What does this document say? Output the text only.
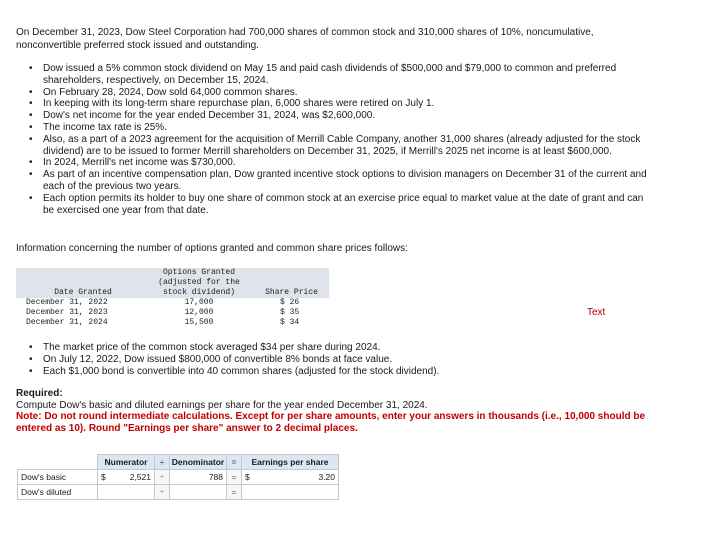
On December 31, 2023, Dow Steel Corporation had 700,000 shares of common stock and 310,000 shares of 10%, noncumulative, nonconvertible preferred stock issued and outstanding.

• Dow issued a 5% common stock dividend on May 15 and paid cash dividends of $500,000 and $79,000 to common and preferred shareholders, respectively, on December 15, 2024.
• On February 28, 2024, Dow sold 64,000 common shares.
• In keeping with its long-term share repurchase plan, 6,000 shares were retired on July 1.
• Dow's net income for the year ended December 31, 2024, was $2,600,000.
• The income tax rate is 25%.
• Also, as a part of a 2023 agreement for the acquisition of Merrill Cable Company, another 31,000 shares (already adjusted for the stock dividend) are to be issued to former Merrill shareholders on December 31, 2025, if Merrill's 2025 net income is at least $600,000.
• In 2024, Merrill's net income was $730,000.
• As part of an incentive compensation plan, Dow granted incentive stock options to division managers on December 31 of the current and each of the previous two years.
• Each option permits its holder to buy one share of common stock at an exercise price equal to market value at the date of grant and can be exercised one year from that date.

Information concerning the number of options granted and common share prices follows:

Date Granted	Options Granted
(adjusted for the
stock dividend)	Share Price
December 31, 2022	17,000	$ 26
December 31, 2023	12,000	$ 35
December 31, 2024	15,500	$ 34
Text
• The market price of the common stock averaged $34 per share during 2024.
• On July 12, 2022, Dow issued $800,000 of convertible 8% bonds at face value.
• Each $1,000 bond is convertible into 40 common shares (adjusted for the stock dividend).
Required:
Compute Dow's basic and diluted earnings per share for the year ended December 31, 2024.
Note: Do not round intermediate calculations. Except for per share amounts, enter your answers in thousands (i.e., 10,000 should be entered as 10). Round "Earnings per share" answer to 2 decimal places.
	Numerator	÷	Denominator	=	Earnings per share
Dow's basic	$ 2,521	÷	788	=	$ 3.20

Dow's diluted		÷		=	
